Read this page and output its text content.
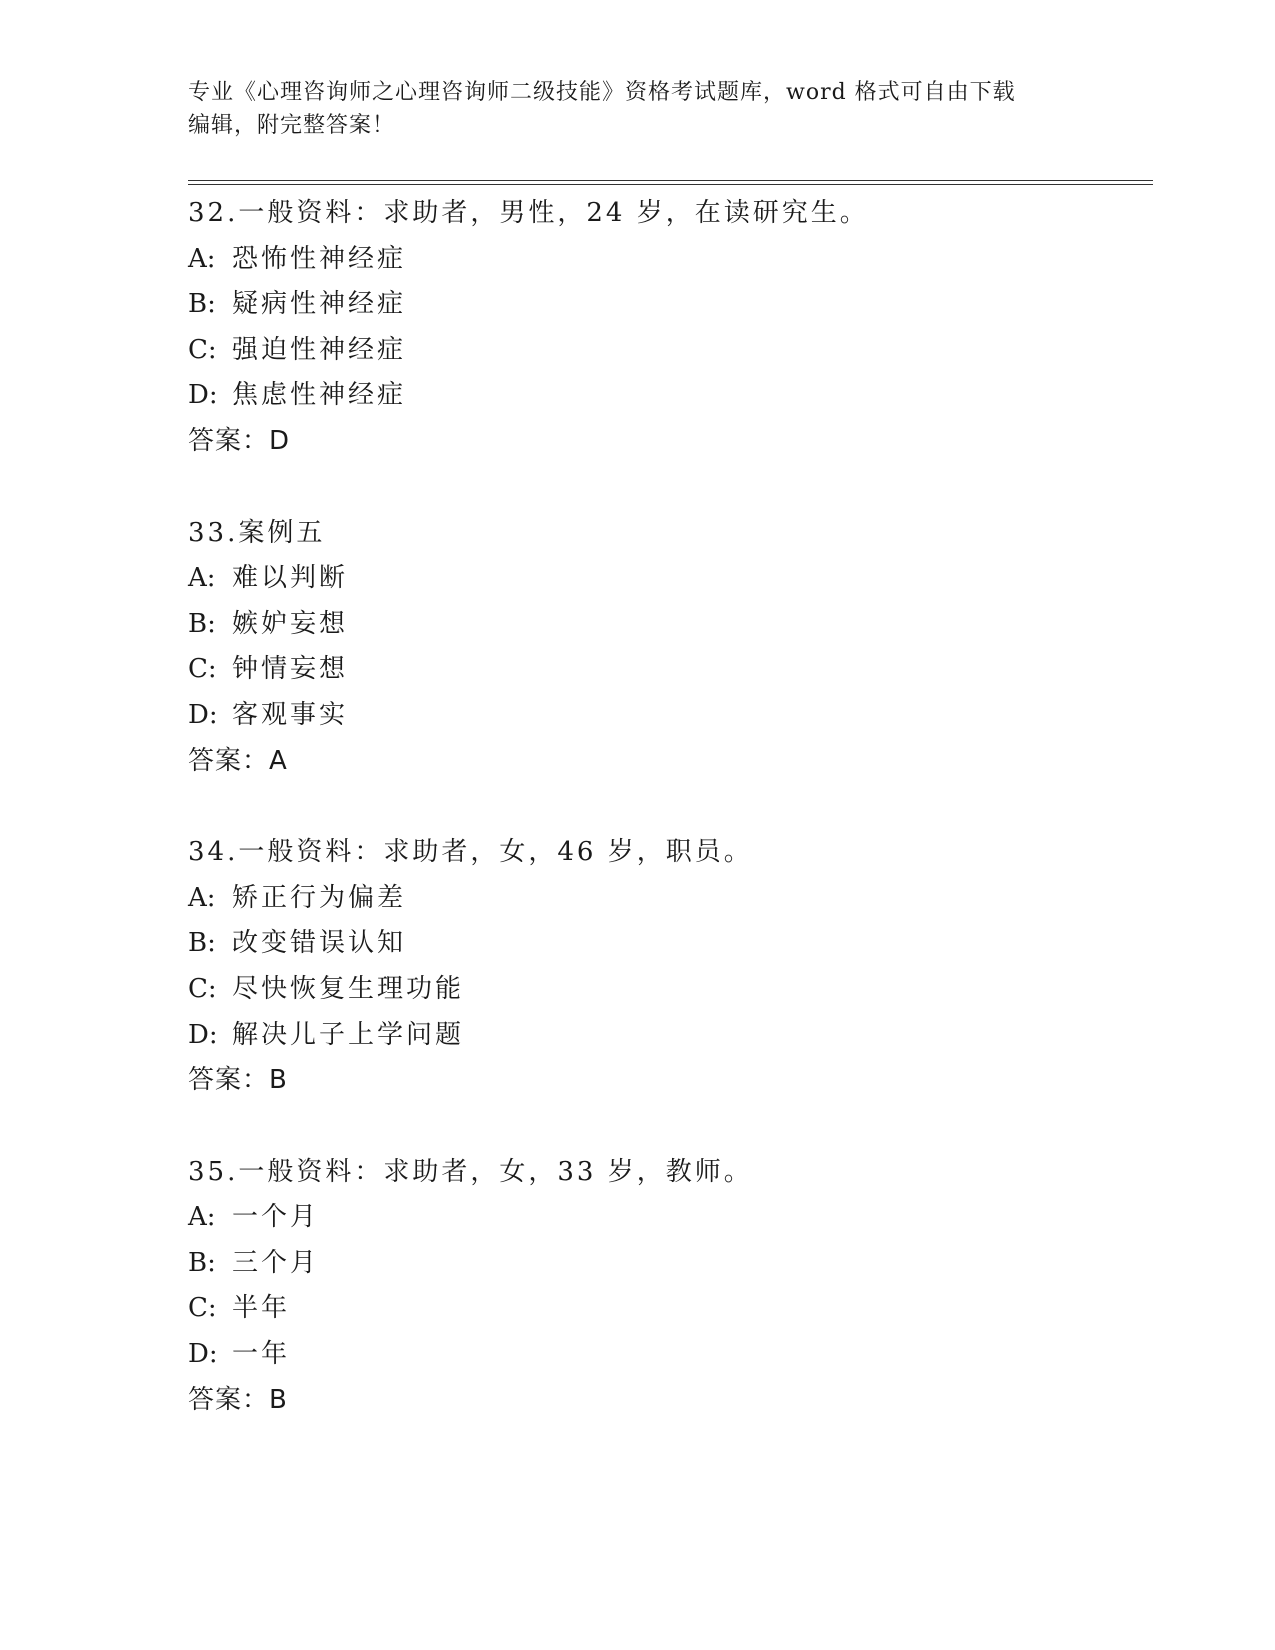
专业《心理咨询师之心理咨询师二级技能》资格考试题库，word 格式可自由下载
编辑，附完整答案！
32.一般资料：求助者，男性，24 岁，在读研究生。
A: 恐怖性神经症
B: 疑病性神经症
C: 强迫性神经症
D: 焦虑性神经症
答案：D
33.案例五
A: 难以判断
B: 嫉妒妄想
C: 钟情妄想
D: 客观事实
答案：A
34.一般资料：求助者，女，46 岁，职员。
A: 矫正行为偏差
B: 改变错误认知
C: 尽快恢复生理功能
D: 解决儿子上学问题
答案：B
35.一般资料：求助者，女，33 岁，教师。
A: 一个月
B: 三个月
C: 半年
D: 一年
答案：B
